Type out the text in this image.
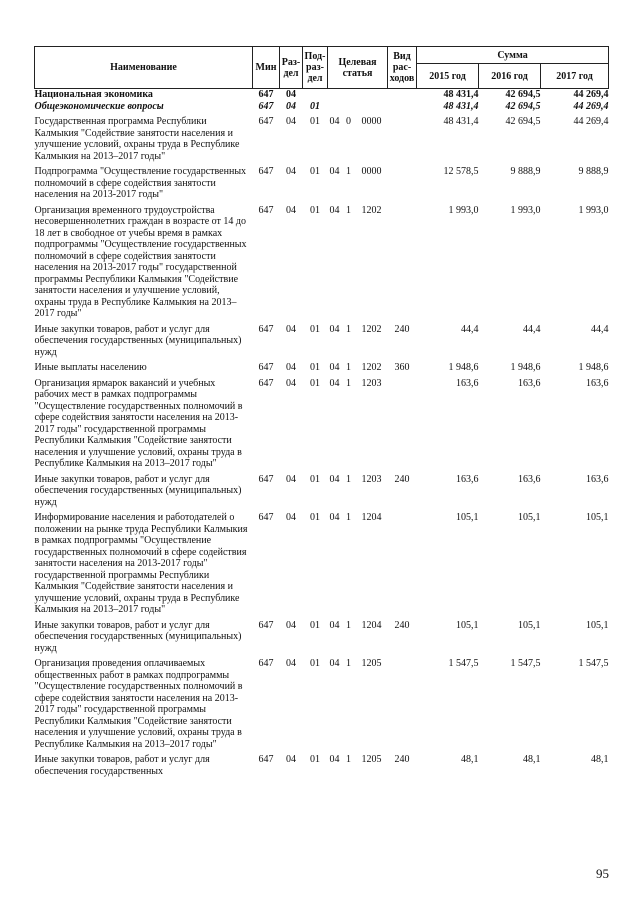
Наименование	Мин	Раз-дел	Под-раз-дел	Целевая статья			Вид рас-ходов	Сумма		
								2015 год	2016 год	2017 год
Национальная экономика	647	04						48 431,4	42 694,5	44 269,4
Общеэкономические вопросы	647	04	01					48 431,4	42 694,5	44 269,4
Государственная программа Республики Калмыкия "Содействие занятости населения и улучшение условий, охраны труда в Республике Калмыкия на 2013–2017 годы"	647	04	01	04	0	0000		48 431,4	42 694,5	44 269,4
Подпрограмма "Осуществление государственных полномочий в сфере содействия занятости населения на 2013-2017 годы"	647	04	01	04	1	0000		12 578,5	9 888,9	9 888,9
Организация временного трудоустройства несовершеннолетних граждан в возрасте от 14 до 18 лет в свободное от учебы время в рамках подпрограммы "Осуществление государственных полномочий в сфере содействия занятости населения на 2013-2017 годы" государственной программы Республики Калмыкия "Содействие занятости населения и улучшение условий, охраны труда в Республике Калмыкия на 2013–2017 годы"	647	04	01	04	1	1202		1 993,0	1 993,0	1 993,0
Иные закупки товаров, работ и услуг для обеспечения государственных (муниципальных) нужд	647	04	01	04	1	1202	240	44,4	44,4	44,4
Иные выплаты населению	647	04	01	04	1	1202	360	1 948,6	1 948,6	1 948,6
Организация ярмарок вакансий и учебных рабочих мест в рамках подпрограммы "Осуществление государственных полномочий в сфере содействия занятости населения на 2013-2017 годы" государственной программы Республики Калмыкия "Содействие занятости населения и улучшение условий, охраны труда в Республике Калмыкия на 2013–2017 годы"	647	04	01	04	1	1203		163,6	163,6	163,6
Иные закупки товаров, работ и услуг для обеспечения государственных (муниципальных) нужд	647	04	01	04	1	1203	240	163,6	163,6	163,6
Информирование населения и работодателей о положении на рынке труда Республики Калмыкия в рамках подпрограммы "Осуществление государственных полномочий в сфере содействия занятости населения на 2013-2017 годы" государственной программы Республики Калмыкия "Содействие занятости населения и улучшение условий, охраны труда в Республике Калмыкия на 2013–2017 годы"	647	04	01	04	1	1204		105,1	105,1	105,1
Иные закупки товаров, работ и услуг для обеспечения государственных (муниципальных) нужд	647	04	01	04	1	1204	240	105,1	105,1	105,1
Организация проведения оплачиваемых общественных работ в рамках подпрограммы "Осуществление государственных полномочий в сфере содействия занятости населения на 2013-2017 годы" государственной программы Республики Калмыкия "Содействие занятости населения и улучшение условий, охраны труда в Республике Калмыкия на 2013–2017 годы"	647	04	01	04	1	1205		1 547,5	1 547,5	1 547,5
Иные закупки товаров, работ и услуг для обеспечения государственных	647	04	01	04	1	1205	240	48,1	48,1	48,1
95
